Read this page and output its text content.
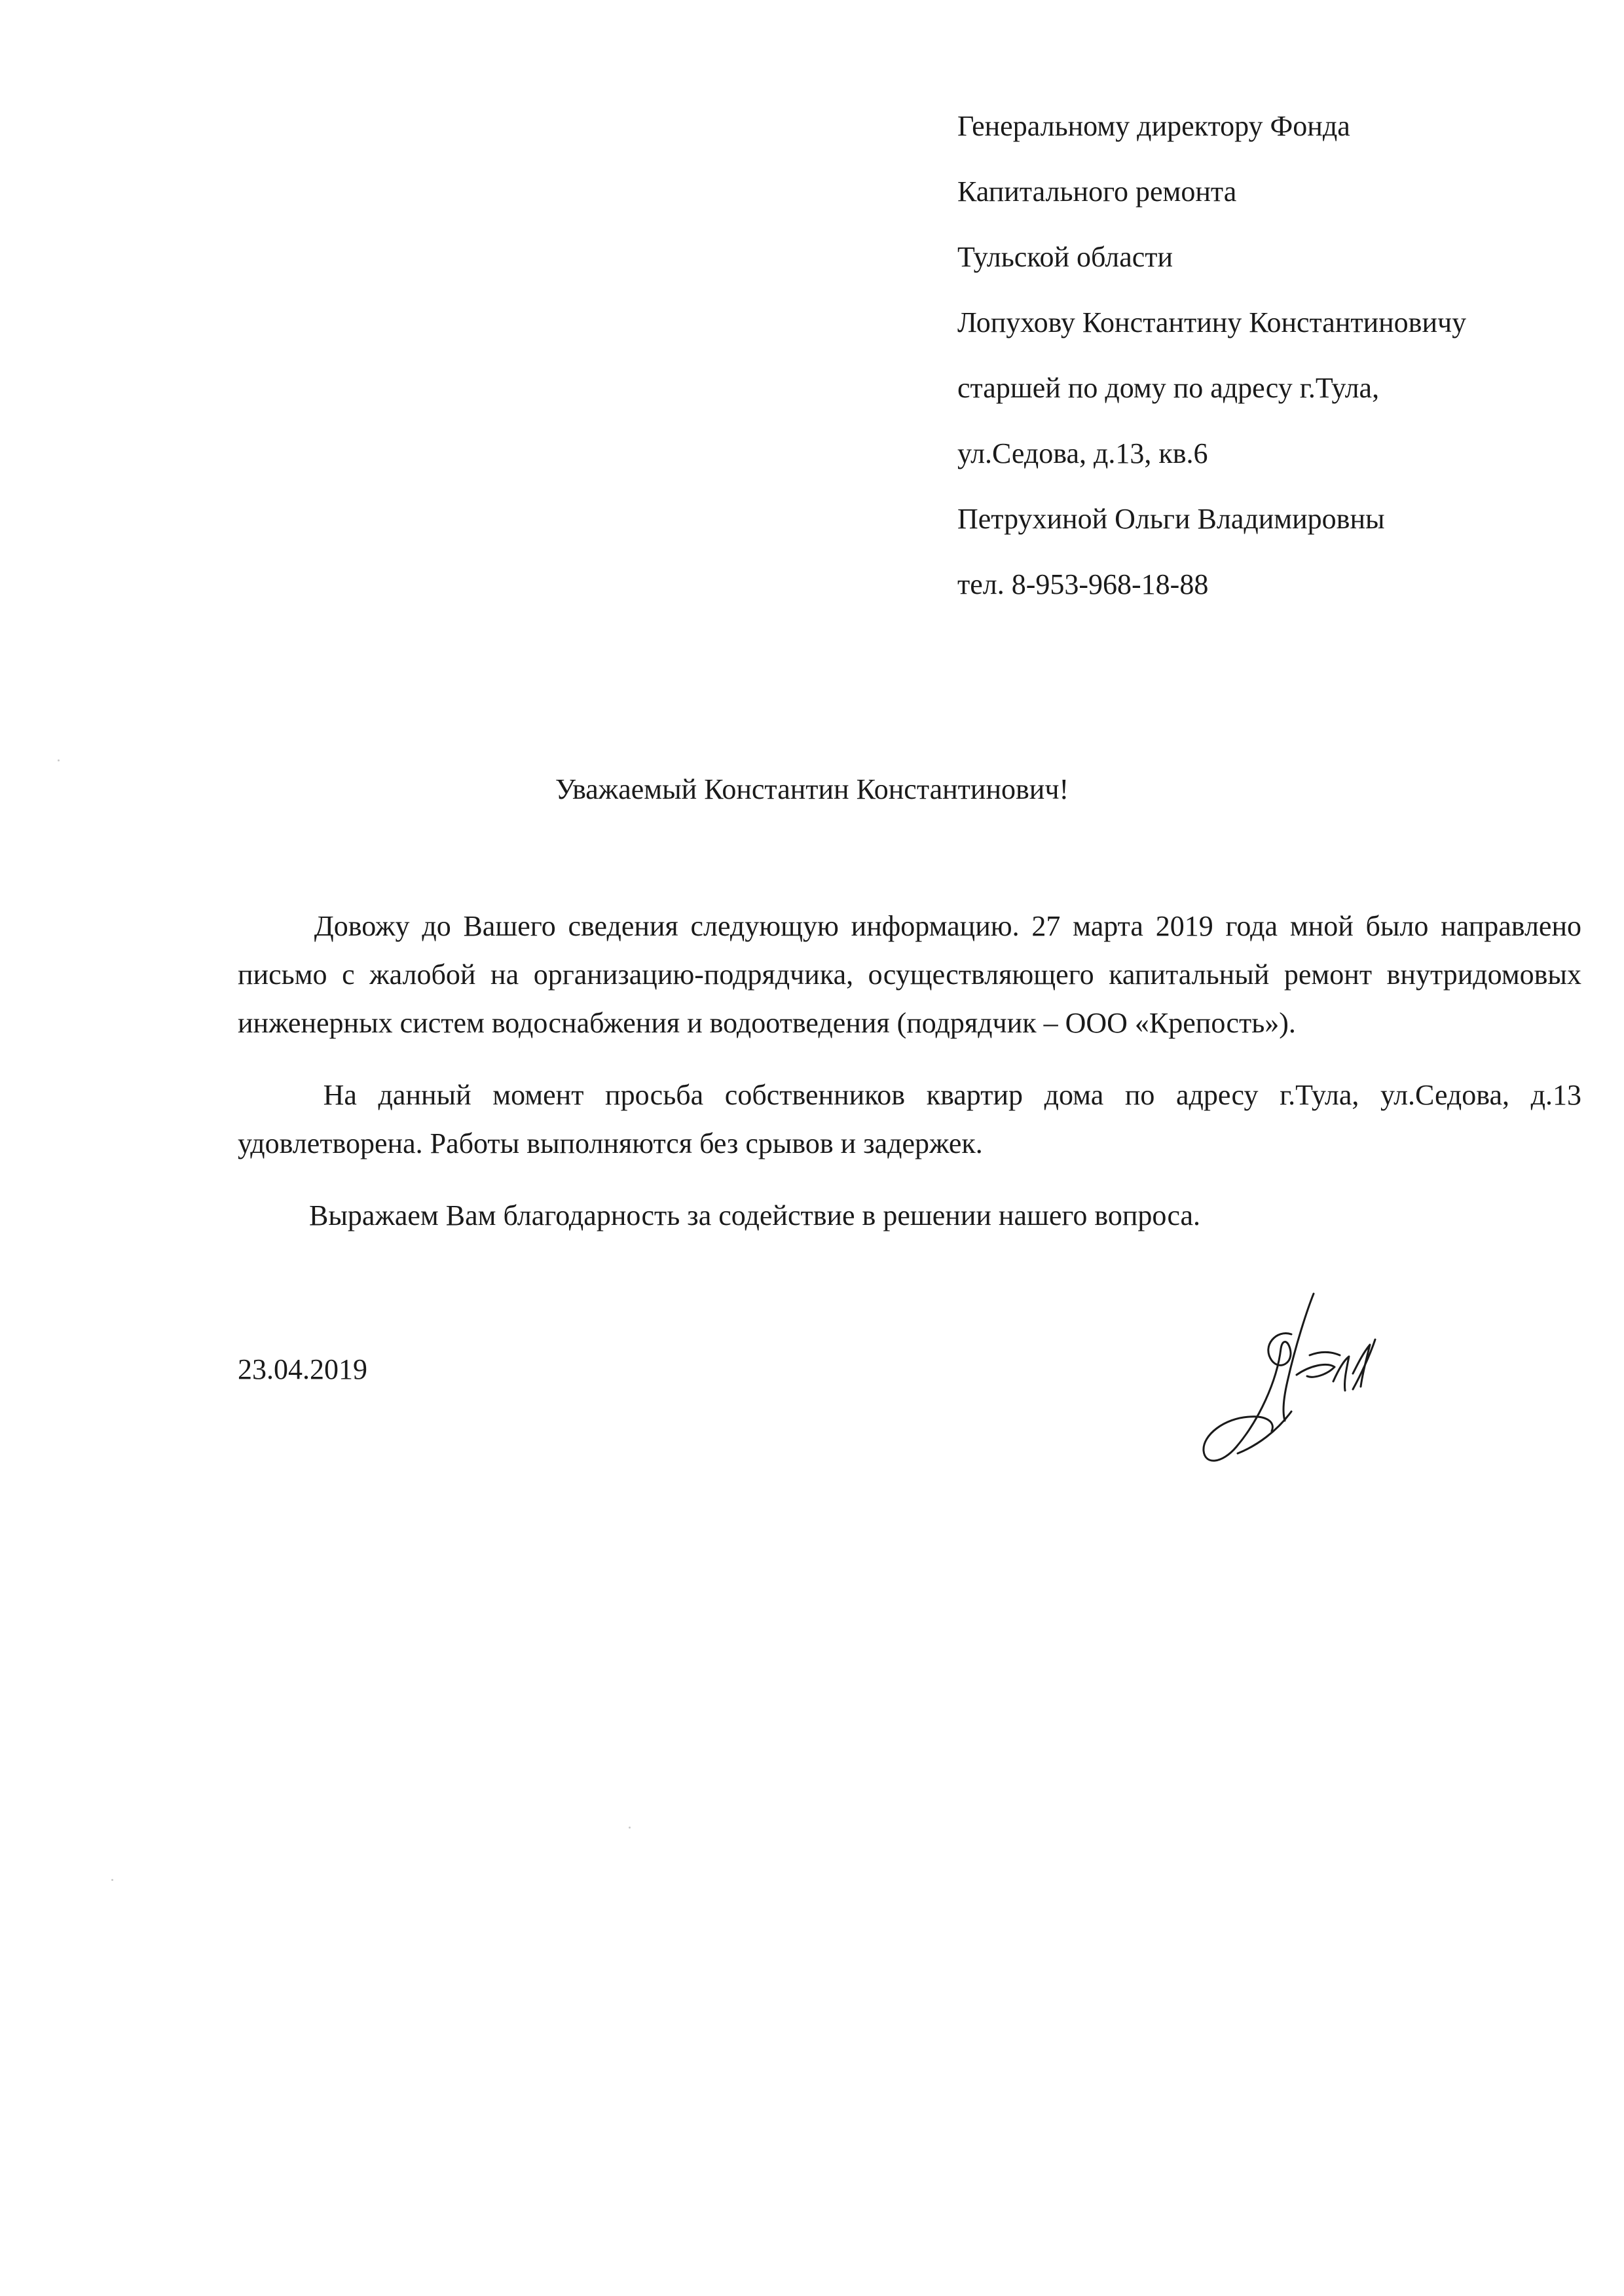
Генеральному директору Фонда
Капитального ремонта
Тульской области
Лопухову Константину Константиновичу
старшей по дому по адресу г.Тула,
ул.Седова, д.13, кв.6
Петрухиной Ольги Владимировны
тел. 8-953-968-18-88
Уважаемый Константин Константинович!

Довожу до Вашего сведения следующую информацию. 27 марта 2019 года мной было направлено письмо с жалобой на организацию-подрядчика, осуществляющего капитальный ремонт внутридомовых инженерных систем водоснабжения и водоотведения (подрядчик – ООО «Крепость»).

На данный момент просьба собственников квартир дома по адресу г.Тула, ул.Седова, д.13 удовлетворена. Работы выполняются без срывов и задержек.

Выражаем Вам благодарность за содействие в решении нашего вопроса.

23.04.2019
